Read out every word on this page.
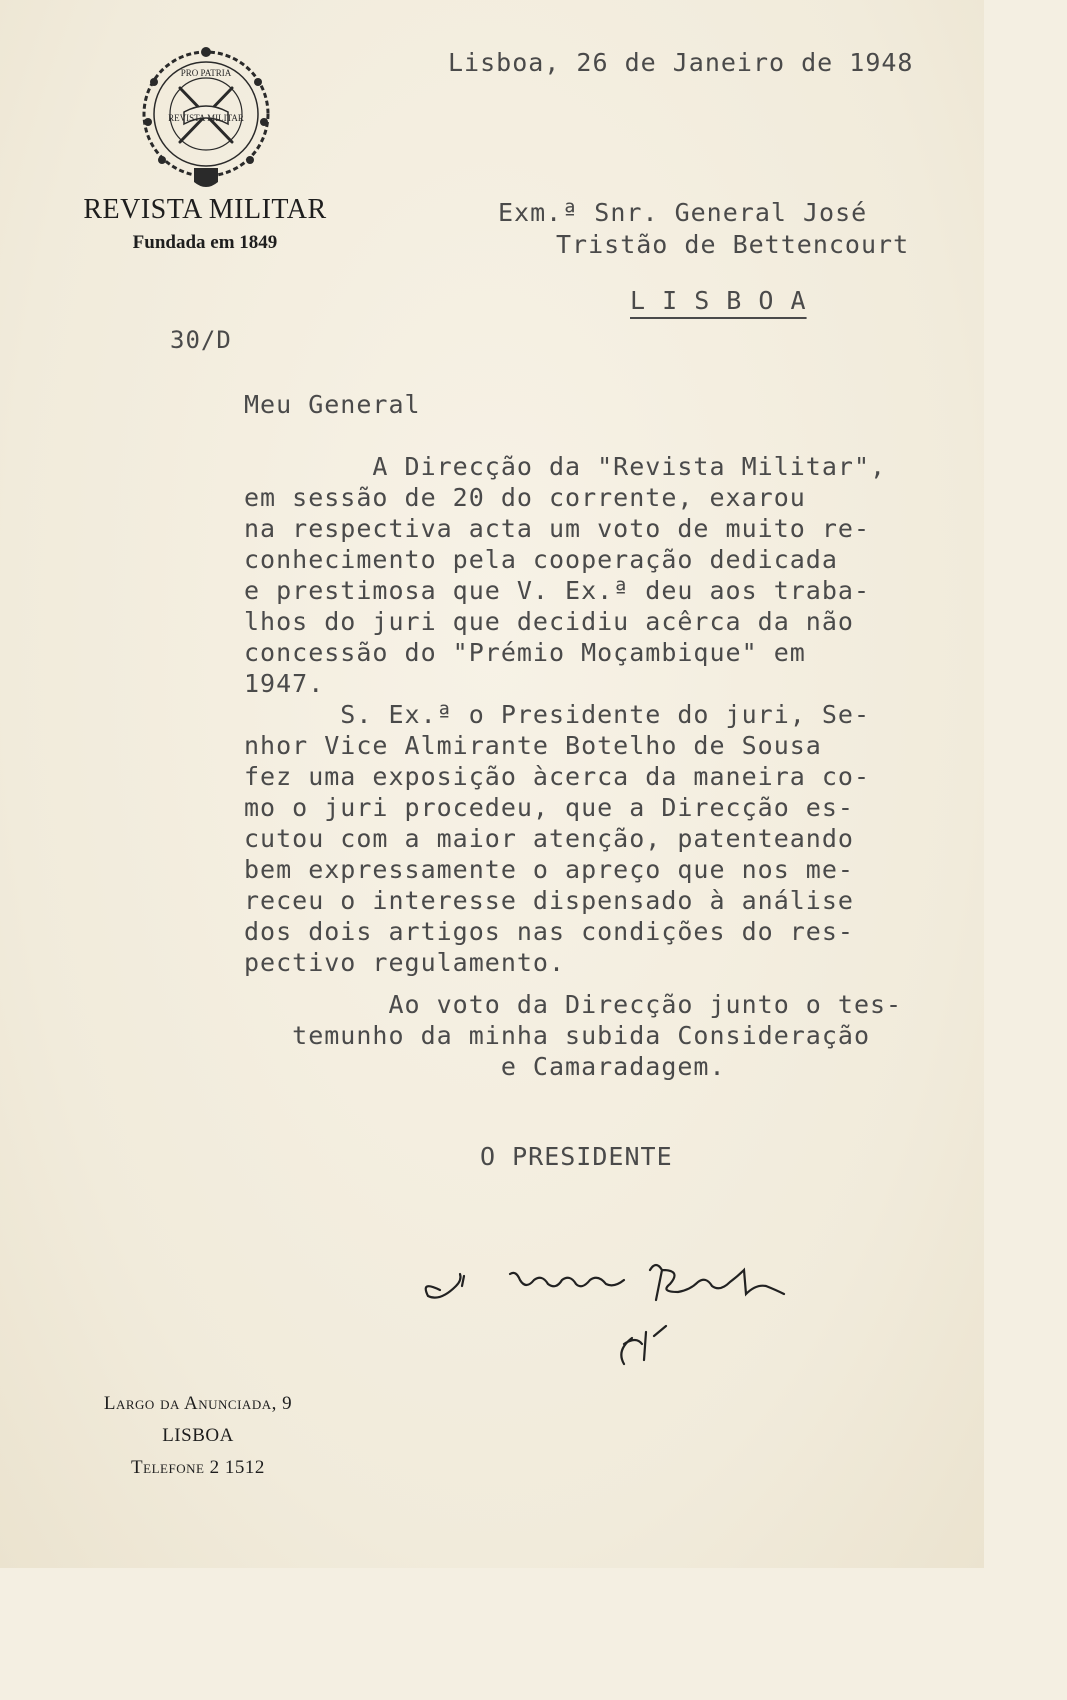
REVISTA MILITAR
PRO PATRIA
REVISTA MILITAR
Fundada em 1849
Lisboa, 26 de Janeiro de 1948
Exm.ª Snr. General José
Tristão de Bettencourt
L I S B O A
30/D
Meu General
A Direcção da "Revista Militar",
em sessão de 20 do corrente, exarou
na respectiva acta um voto de muito re-
conhecimento pela cooperação dedicada
e prestimosa que V. Ex.ª deu aos traba-
lhos do juri que decidiu acêrca da não
concessão do "Prémio Moçambique" em
1947.
S. Ex.ª o Presidente do juri, Se-
nhor Vice Almirante Botelho de Sousa
fez uma exposição àcerca da maneira co-
mo o juri procedeu, que a Direcção es-
cutou com a maior atenção, patenteando
bem expressamente o apreço que nos me-
receu o interesse dispensado à análise
dos dois artigos nas condições do res-
pectivo regulamento.
Ao voto da Direcção junto o tes-
temunho da minha subida Consideração
e Camaradagem.
O PRESIDENTE
J. Teixeira Botelho
G.al
Largo da Anunciada, 9
LISBOA
Telefone 2 1512
